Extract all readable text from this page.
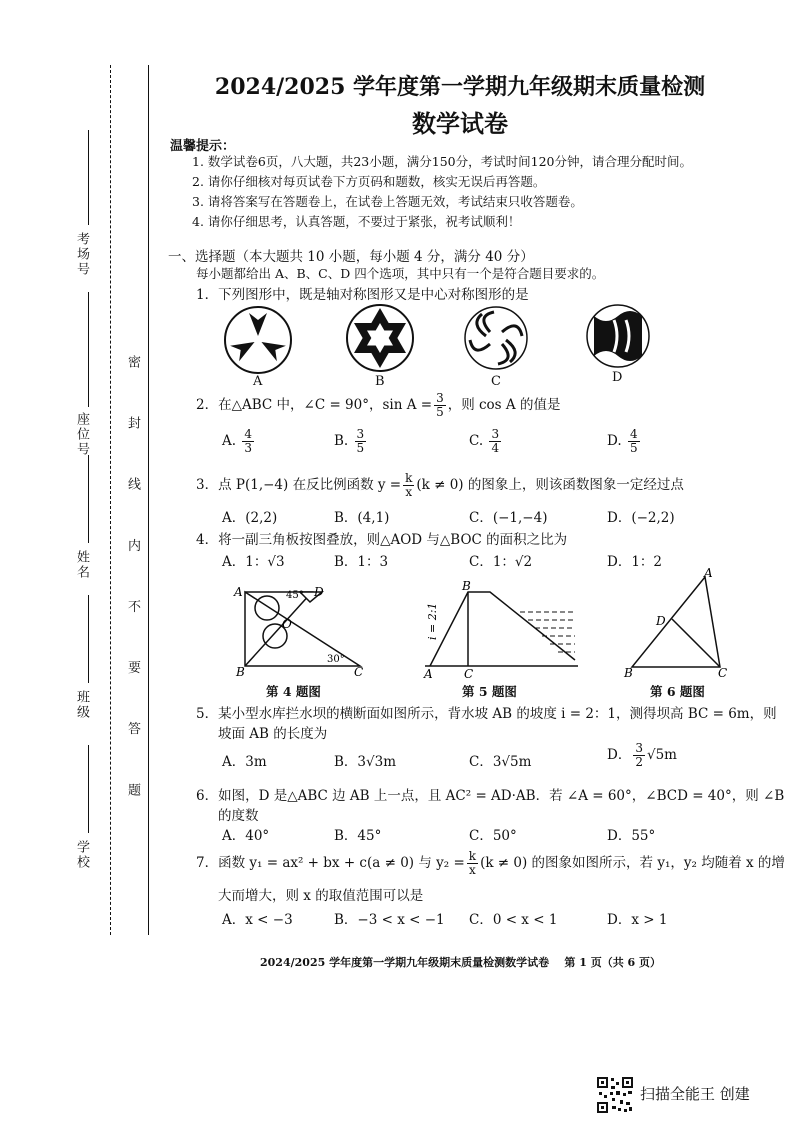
考场号
座位号
姓名
班级
学校
密 封 线 内 不 要 答 题
2024/2025 学年度第一学期九年级期末质量检测
数学试卷
温馨提示：
1. 数学试卷6页，八大题，共23小题，满分150分，考试时间120分钟，请合理分配时间。
2. 请你仔细核对每页试卷下方页码和题数，核实无误后再答题。
3. 请将答案写在答题卷上，在试卷上答题无效，考试结束只收答题卷。
4. 请你仔细思考，认真答题，不要过于紧张，祝考试顺利！
一、选择题（本大题共 10 小题，每小题 4 分，满分 40 分）
每小题都给出 A、B、C、D 四个选项，其中只有一个是符合题目要求的。
1．下列图形中，既是轴对称图形又是中心对称图形的是
A	B	C	D
2．在△ABC 中，∠C = 90°，$\sin A = \frac{3}{5}$ ，则 cos A 的值是
A. $\frac{4}{3}$	B. $\frac{3}{5}$	C. $\frac{3}{4}$	D. $\frac{4}{5}$
3．点 P(1,−4) 在反比例函数 $y = \frac{k}{x} (k \ne 0)$ 的图象上，则该函数图象一定经过点
A．(2,2)	B．(4,1)	C．(−1,−4)	D．(−2,2)
4．将一副三角板按图叠放，则△AOD 与△BOC 的面积之比为
A．1：√3	B．1：3	C．1：√2	D．1：2
A	45° D
O
B
30°
C
第 4 题图
B
i = 2:1
A	C
第 5 题图
A
D
B	C
第 6 题图
5．某小型水库拦水坝的横断面如图所示，背水坡 AB 的坡度 i = 2：1，测得坝高 BC = 6m，则
坡面 AB 的长度为
A．3m	B．3√3m	C．3√5m	D． $\frac{3}{2} √5m$
6．如图，D 是△ABC 边 AB 上一点，且 AC² = AD·AB．若 ∠A = 60°，∠BCD = 40°，则 ∠B
的度数
A．40°	B．45°	C．50°	D．55°
7．函数 y₁ = ax² + bx + c(a ≠ 0) 与 $y_2 = \frac{k}{x} (k \ne 0)$ 的图象如图所示，若 y₁，y₂ 均随着 x 的增
大而增大，则 x 的取值范围可以是
A．x < −3	B．−3 < x < −1 C．0 < x < 1	D．x > 1
2024/2025 学年度第一学期九年级期末质量检测数学试卷 第 1 页（共 6 页）
扫描全能王 创建
